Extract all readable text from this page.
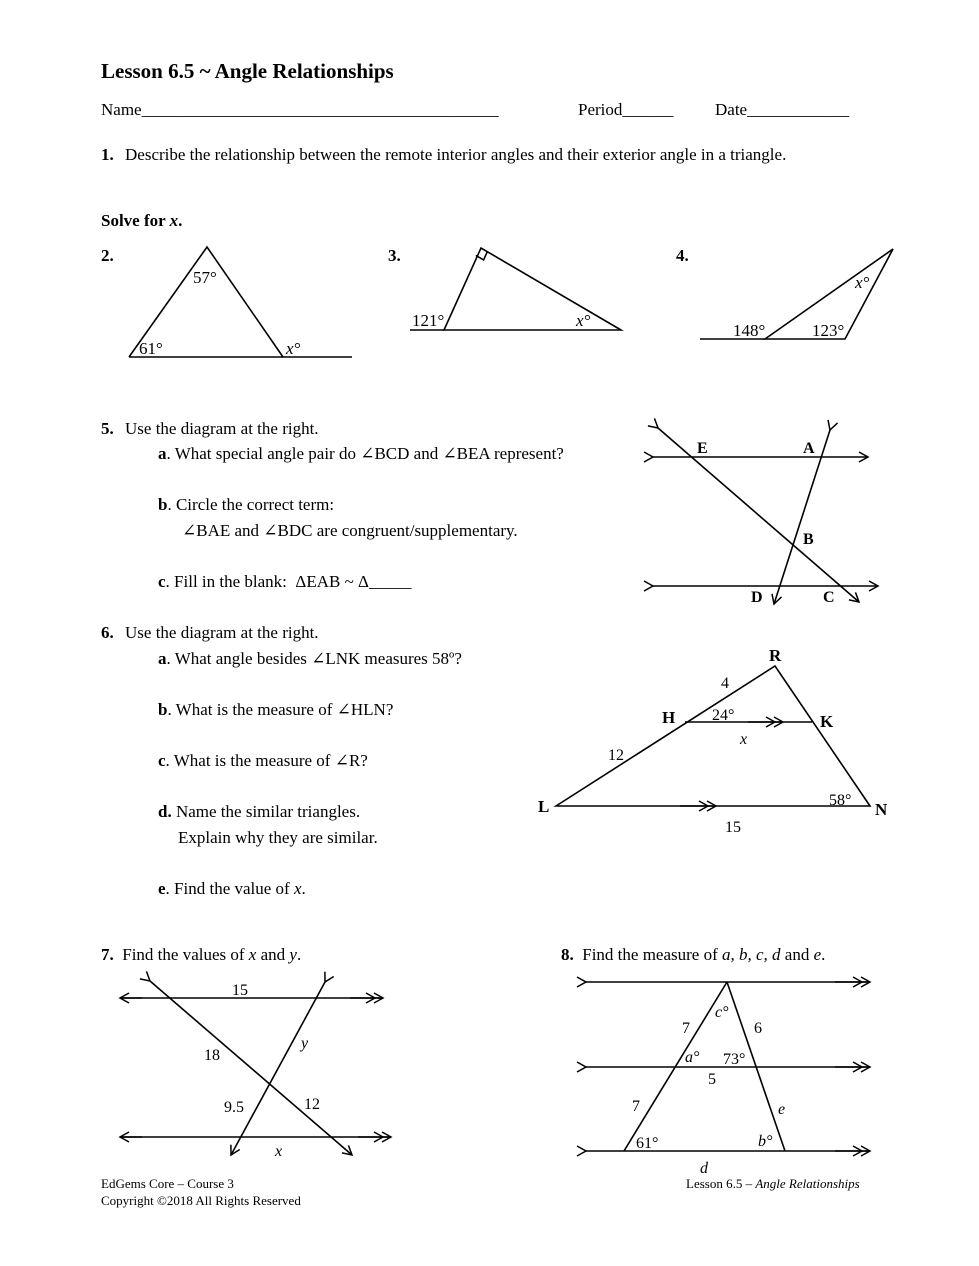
Lesson 6.5 ~ Angle Relationships
Name__________________________________________	Period______ Date____________
1. Describe the relationship between the remote interior angles and their exterior angle in a triangle.
Solve for x.
2.	3.	4.
5. Use the diagram at the right.
a. What special angle pair do ∠BCD and ∠BEA represent?
b. Circle the correct term:
∠BAE and ∠BDC are congruent/supplementary.
c. Fill in the blank:  ΔEAB ~ Δ_____
6. Use the diagram at the right.
a. What angle besides ∠LNK measures 58º?
b. What is the measure of ∠HLN?
c. What is the measure of ∠R?
d. Name the similar triangles.
Explain why they are similar.
e. Find the value of x.
7. Find the values of x and y.	8. Find the measure of a, b, c, d and e.
EdGems Core – Course 3
Copyright ©2018 All Rights Reserved
Lesson 6.5 – Angle Relationships
57°
61°	x°
121°	x°
x°
148°	123°
E	A
B
D	C
R
H	K
L	N
4
12
24°
x
58°
15
15
18
y
9.5	12
x
c°
7	6
a° 73°
5
7	e
61°	b°
d
